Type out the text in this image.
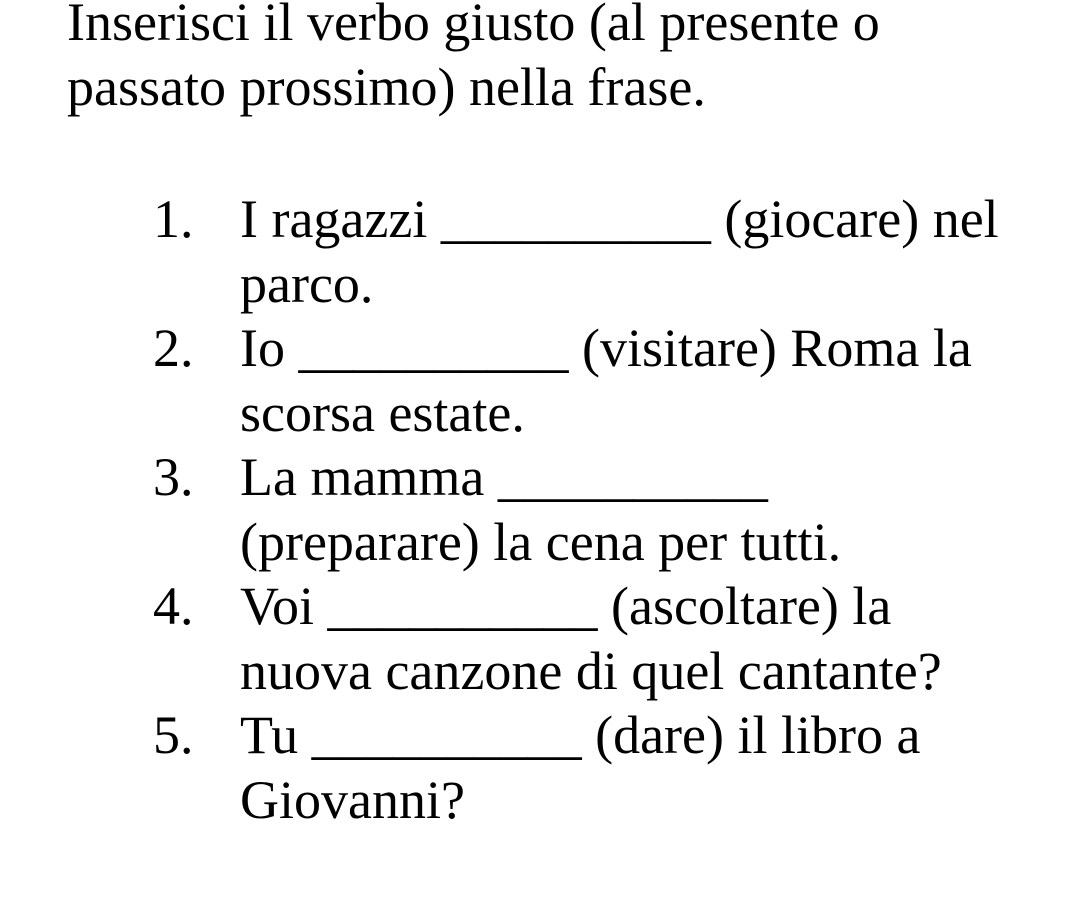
Inserisci il verbo giusto (al presente o passato prossimo) nella frase.

1. I ragazzi __________ (giocare) nel parco.
2. Io __________ (visitare) Roma la scorsa estate.
3. La mamma __________ (preparare) la cena per tutti.
4. Voi __________ (ascoltare) la nuova canzone di quel cantante?
5. Tu __________ (dare) il libro a Giovanni?
